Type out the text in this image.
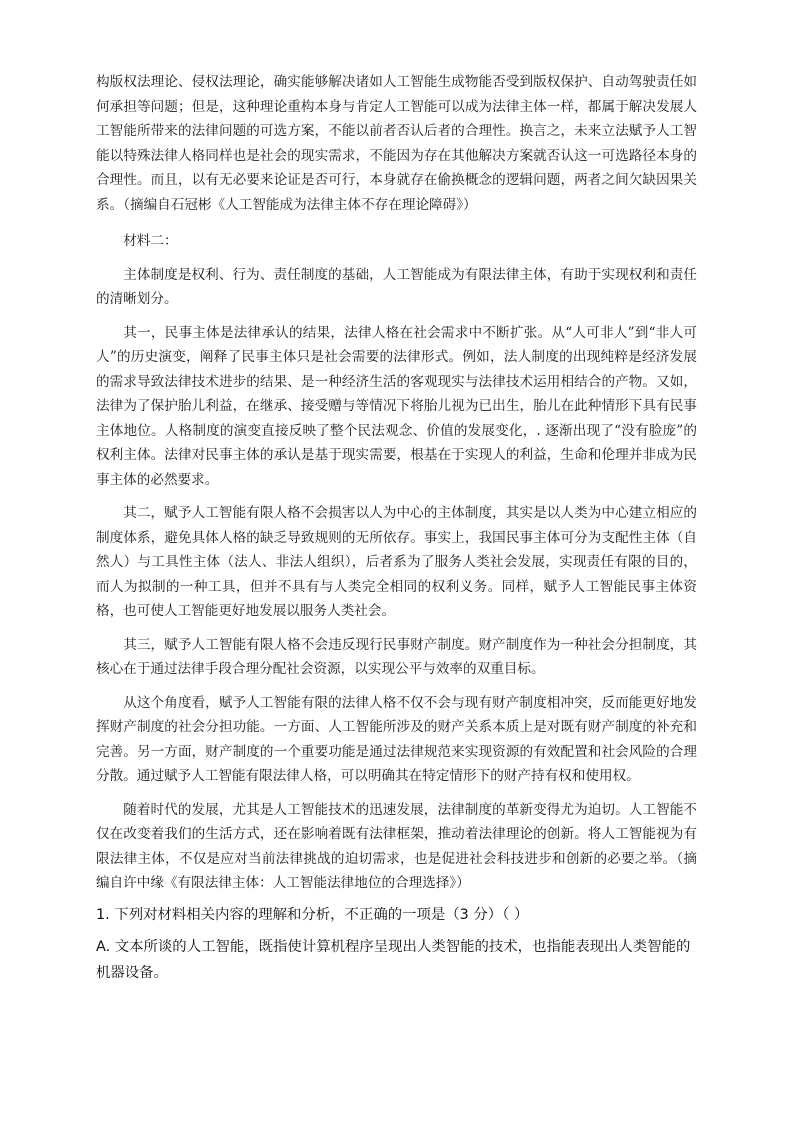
构版权法理论、侵权法理论，确实能够解决诸如人工智能生成物能否受到版权保护、自动驾驶责任如何承担等问题；但是，这种理论重构本身与肯定人工智能可以成为法律主体一样，都属于解决发展人工智能所带来的法律问题的可选方案，不能以前者否认后者的合理性。换言之，未来立法赋予人工智能以特殊法律人格同样也是社会的现实需求，不能因为存在其他解决方案就否认这一可选路径本身的合理性。而且，以有无必要来论证是否可行，本身就存在偷换概念的逻辑问题，两者之间欠缺因果关系。（摘编自石冠彬《人工智能成为法律主体不存在理论障碍》）

材料二：

主体制度是权利、行为、责任制度的基础，人工智能成为有限法律主体，有助于实现权利和责任的清晰划分。

其一，民事主体是法律承认的结果，法律人格在社会需求中不断扩张。从“人可非人”到“非人可人”的历史演变，阐释了民事主体只是社会需要的法律形式。例如，法人制度的出现纯粹是经济发展的需求导致法律技术进步的结果、是一种经济生活的客观现实与法律技术运用相结合的产物。又如，法律为了保护胎儿利益，在继承、接受赠与等情况下将胎儿视为已出生，胎儿在此种情形下具有民事主体地位。人格制度的演变直接反映了整个民法观念、价值的发展变化，. 逐渐出现了“没有脸庞”的权利主体。法律对民事主体的承认是基于现实需要，根基在于实现人的利益，生命和伦理并非成为民事主体的必然要求。

其二，赋予人工智能有限人格不会损害以人为中心的主体制度，其实是以人类为中心建立相应的制度体系，避免具体人格的缺乏导致规则的无所依存。事实上，我国民事主体可分为支配性主体（自然人）与工具性主体（法人、非法人组织），后者系为了服务人类社会发展，实现责任有限的目的，而人为拟制的一种工具，但并不具有与人类完全相同的权利义务。同样，赋予人工智能民事主体资格，也可使人工智能更好地发展以服务人类社会。

其三，赋予人工智能有限人格不会违反现行民事财产制度。财产制度作为一种社会分担制度，其核心在于通过法律手段合理分配社会资源，以实现公平与效率的双重目标。

从这个角度看，赋予人工智能有限的法律人格不仅不会与现有财产制度相冲突，反而能更好地发挥财产制度的社会分担功能。一方面、人工智能所涉及的财产关系本质上是对既有财产制度的补充和完善。另一方面，财产制度的一个重要功能是通过法律规范来实现资源的有效配置和社会风险的合理分散。通过赋予人工智能有限法律人格，可以明确其在特定情形下的财产持有权和使用权。

随着时代的发展，尤其是人工智能技术的迅速发展，法律制度的革新变得尤为迫切。人工智能不仅在改变着我们的生活方式，还在影响着既有法律框架，推动着法律理论的创新。将人工智能视为有限法律主体，不仅是应对当前法律挑战的迫切需求，也是促进社会科技进步和创新的必要之举。（摘编自许中缘《有限法律主体：人工智能法律地位的合理选择》）

1. 下列对材料相关内容的理解和分析，不正确的一项是（3 分）（ ）

A. 文本所谈的人工智能，既指使计算机程序呈现出人类智能的技术，也指能表现出人类智能的机器设备。
